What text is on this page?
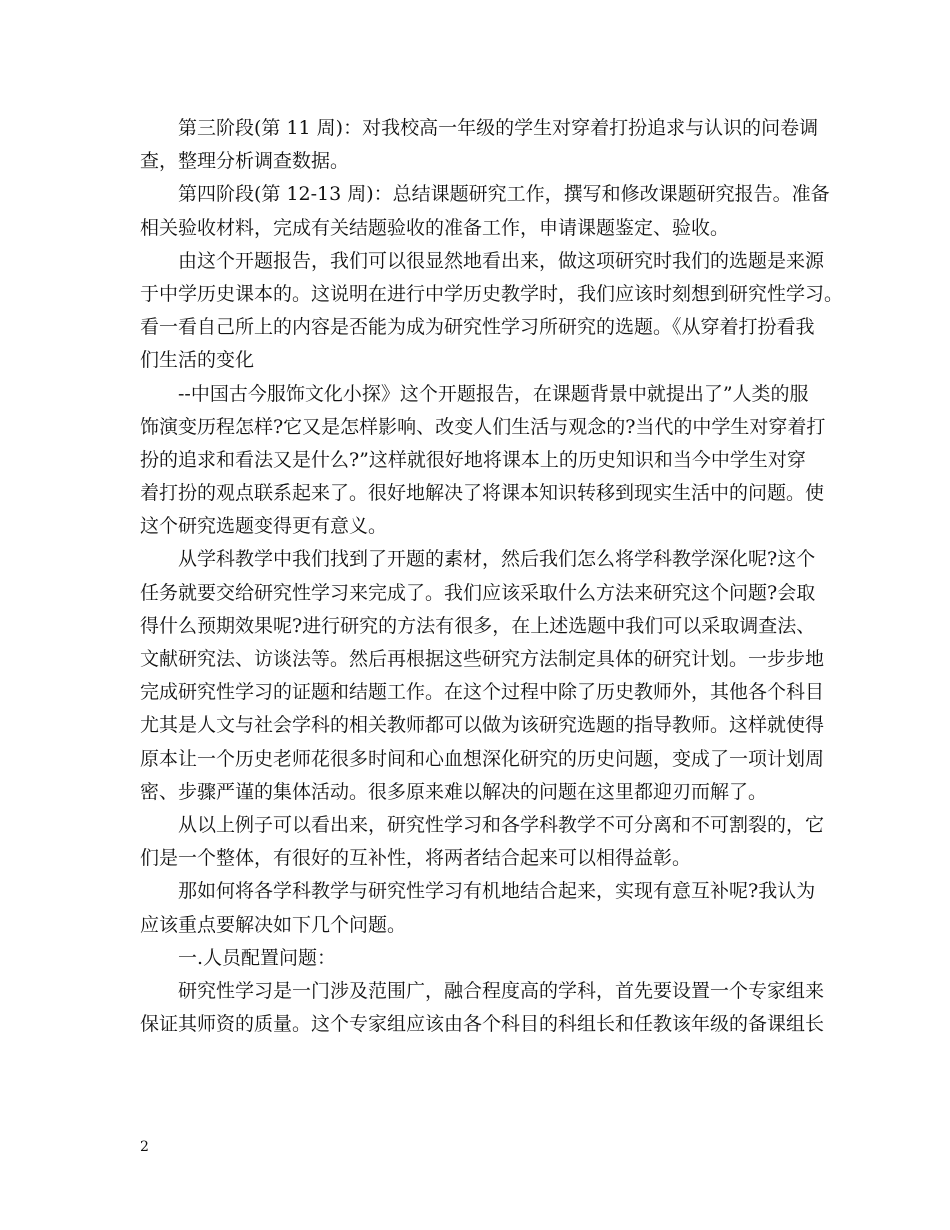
第三阶段(第 11 周)：对我校高一年级的学生对穿着打扮追求与认识的问卷调
查，整理分析调查数据。

第四阶段(第 12-13 周)：总结课题研究工作，撰写和修改课题研究报告。准备
相关验收材料，完成有关结题验收的准备工作，申请课题鉴定、验收。

由这个开题报告，我们可以很显然地看出来，做这项研究时我们的选题是来源
于中学历史课本的。这说明在进行中学历史教学时，我们应该时刻想到研究性学习。
看一看自己所上的内容是否能为成为研究性学习所研究的选题。《从穿着打扮看我
们生活的变化

--中国古今服饰文化小探》这个开题报告，在课题背景中就提出了”人类的服
饰演变历程怎样?它又是怎样影响、改变人们生活与观念的?当代的中学生对穿着打
扮的追求和看法又是什么?”这样就很好地将课本上的历史知识和当今中学生对穿
着打扮的观点联系起来了。很好地解决了将课本知识转移到现实生活中的问题。使
这个研究选题变得更有意义。

从学科教学中我们找到了开题的素材，然后我们怎么将学科教学深化呢?这个
任务就要交给研究性学习来完成了。我们应该采取什么方法来研究这个问题?会取
得什么预期效果呢?进行研究的方法有很多，在上述选题中我们可以采取调查法、
文献研究法、访谈法等。然后再根据这些研究方法制定具体的研究计划。一步步地
完成研究性学习的证题和结题工作。在这个过程中除了历史教师外，其他各个科目
尤其是人文与社会学科的相关教师都可以做为该研究选题的指导教师。这样就使得
原本让一个历史老师花很多时间和心血想深化研究的历史问题，变成了一项计划周
密、步骤严谨的集体活动。很多原来难以解决的问题在这里都迎刃而解了。

从以上例子可以看出来，研究性学习和各学科教学不可分离和不可割裂的，它
们是一个整体，有很好的互补性，将两者结合起来可以相得益彰。

那如何将各学科教学与研究性学习有机地结合起来，实现有意互补呢?我认为
应该重点要解决如下几个问题。

一.人员配置问题：

研究性学习是一门涉及范围广，融合程度高的学科，首先要设置一个专家组来
保证其师资的质量。这个专家组应该由各个科目的科组长和任教该年级的备课组长

2
